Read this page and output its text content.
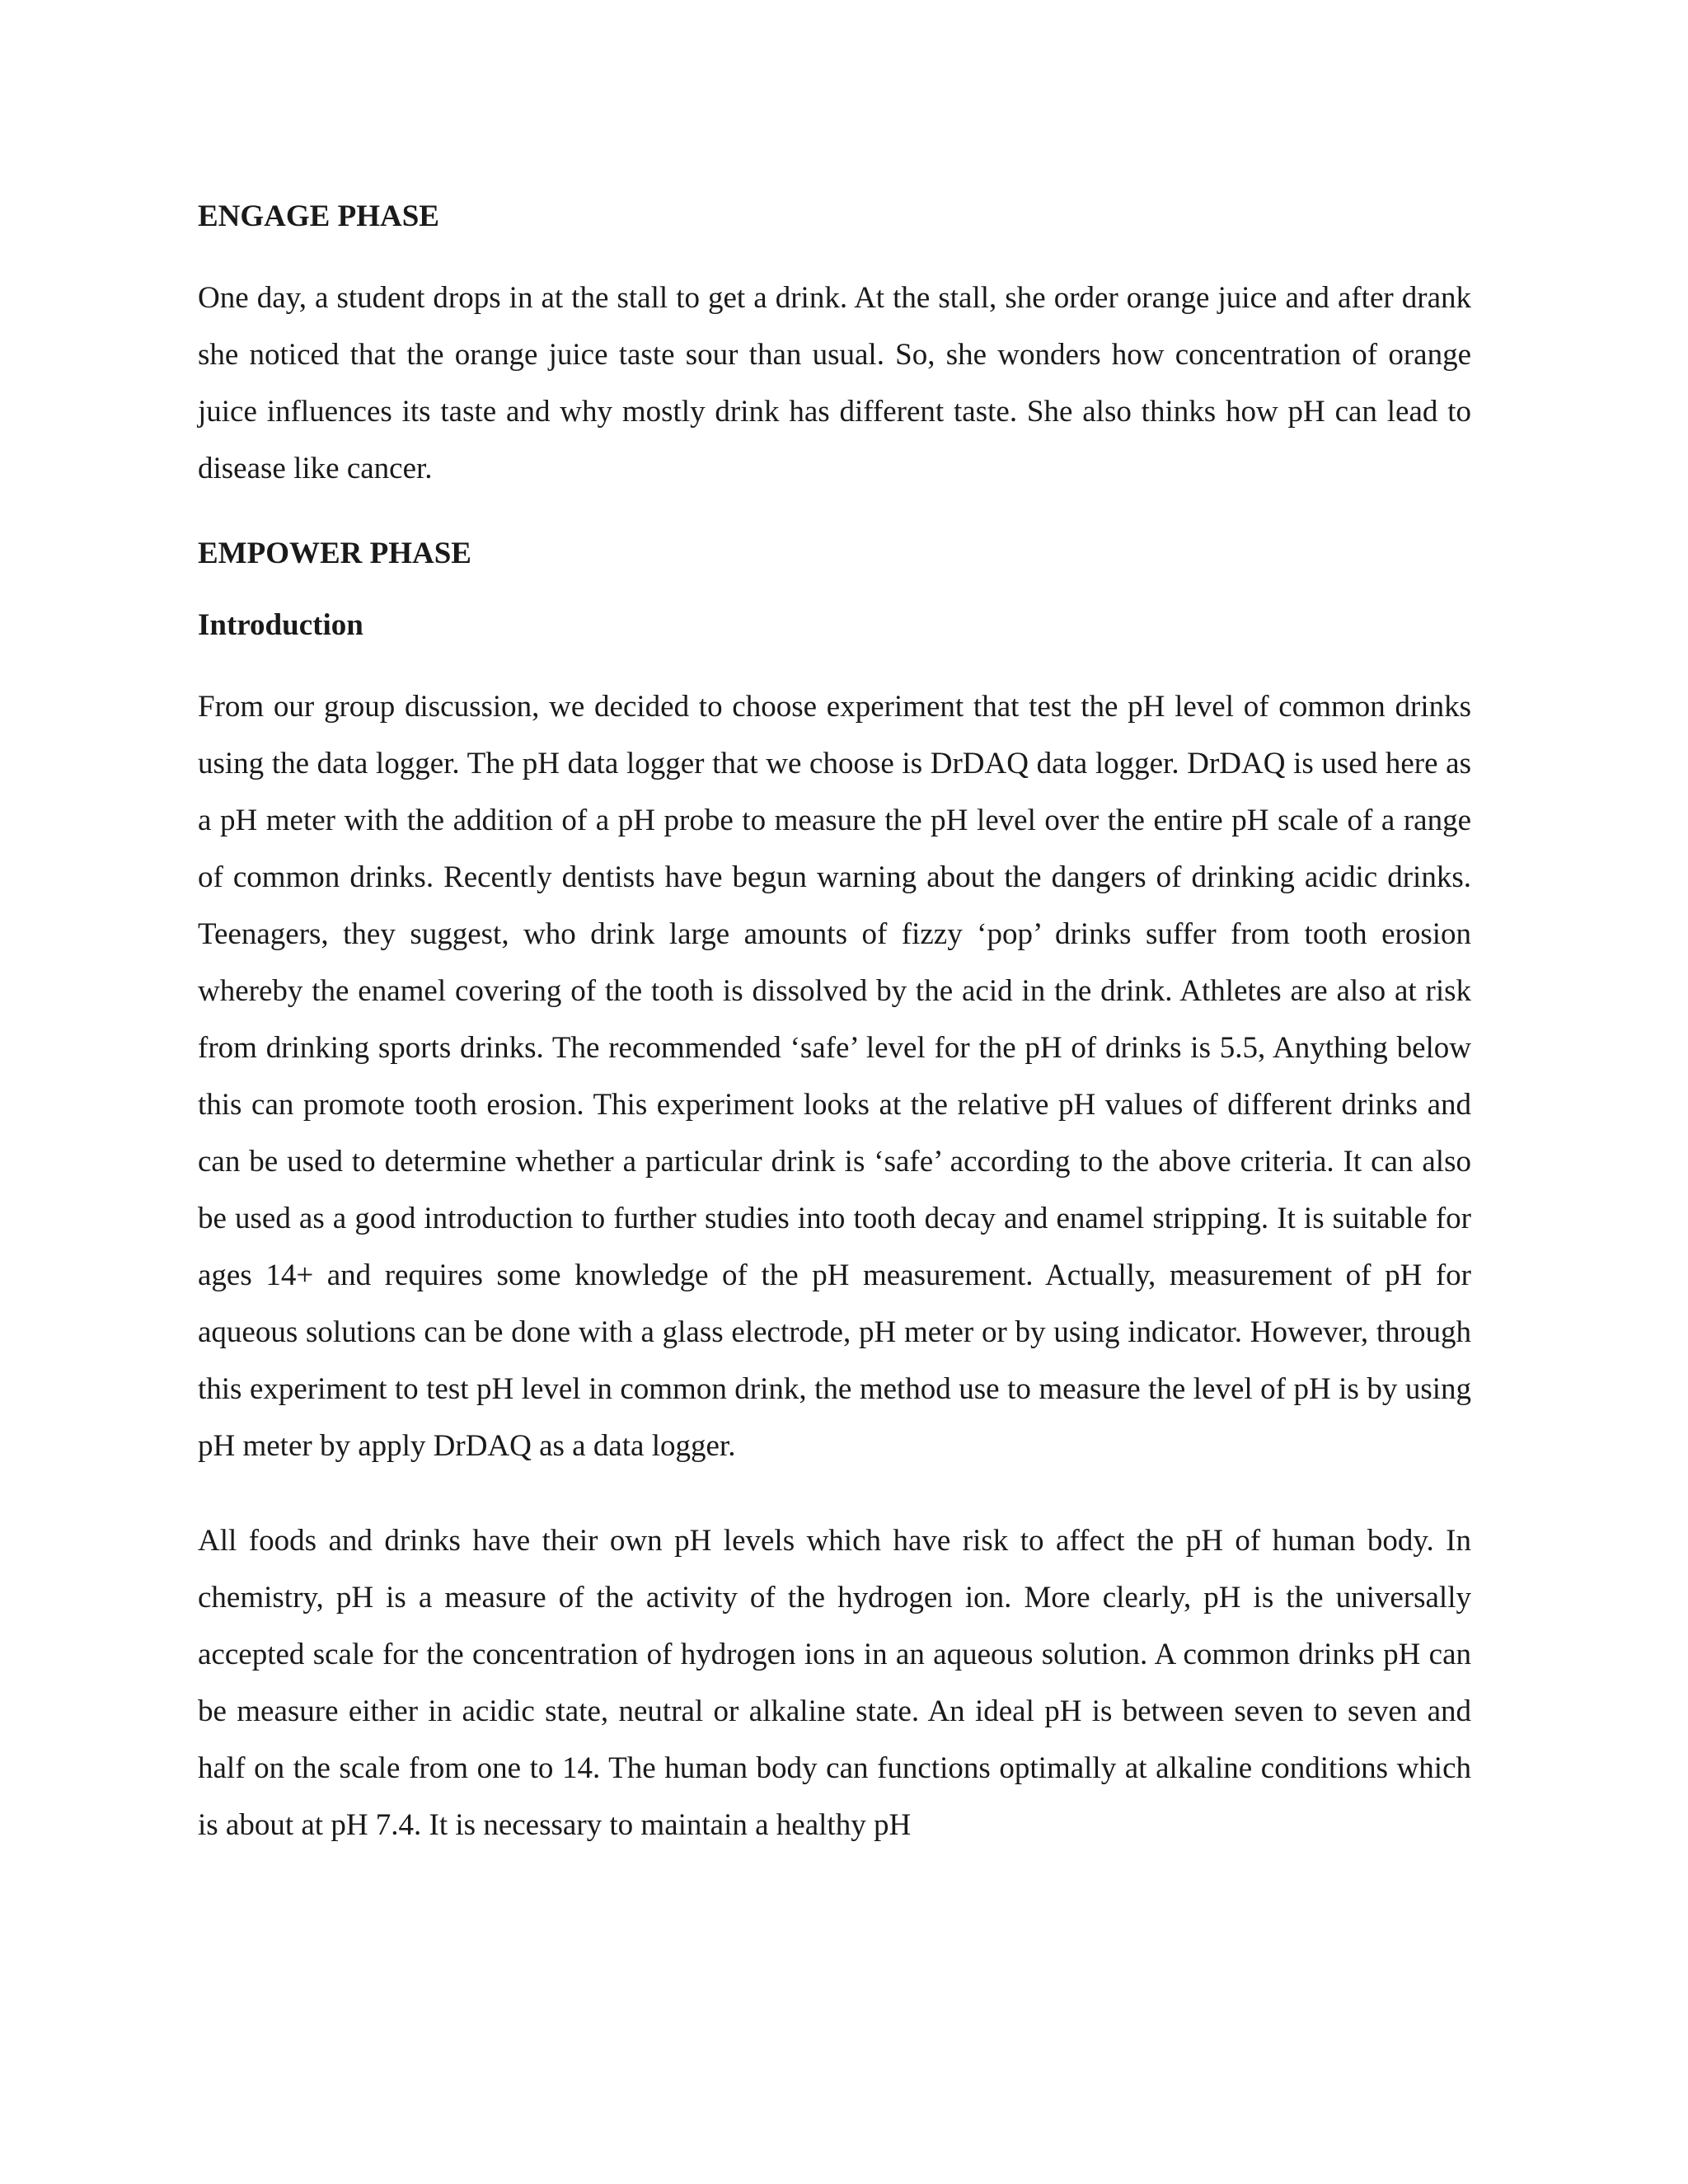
ENGAGE PHASE

One day, a student drops in at the stall to get a drink. At the stall, she order orange juice and after drank she noticed that the orange juice taste sour than usual. So, she wonders how concentration of orange juice influences its taste and why mostly drink has different taste. She also thinks how pH can lead to disease like cancer.

EMPOWER PHASE
Introduction

From our group discussion, we decided to choose experiment that test the pH level of common drinks using the data logger. The pH data logger that we choose is DrDAQ data logger. DrDAQ is used here as a pH meter with the addition of a pH probe to measure the pH level over the entire pH scale of a range of common drinks. Recently dentists have begun warning about the dangers of drinking acidic drinks. Teenagers, they suggest, who drink large amounts of fizzy ‘pop’ drinks suffer from tooth erosion whereby the enamel covering of the tooth is dissolved by the acid in the drink. Athletes are also at risk from drinking sports drinks. The recommended ‘safe’ level for the pH of drinks is 5.5, Anything below this can promote tooth erosion. This experiment looks at the relative pH values of different drinks and can be used to determine whether a particular drink is ‘safe’ according to the above criteria. It can also be used as a good introduction to further studies into tooth decay and enamel stripping. It is suitable for ages 14+ and requires some knowledge of the pH measurement. Actually, measurement of pH for aqueous solutions can be done with a glass electrode, pH meter or by using indicator. However, through this experiment to test pH level in common drink, the method use to measure the level of pH is by using pH meter by apply DrDAQ as a data logger.

All foods and drinks have their own pH levels which have risk to affect the pH of human body. In chemistry, pH is a measure of the activity of the hydrogen ion. More clearly, pH is the universally accepted scale for the concentration of hydrogen ions in an aqueous solution. A common drinks pH can be measure either in acidic state, neutral or alkaline state. An ideal pH is between seven to seven and half on the scale from one to 14. The human body can functions optimally at alkaline conditions which is about at pH 7.4. It is necessary to maintain a healthy pH
